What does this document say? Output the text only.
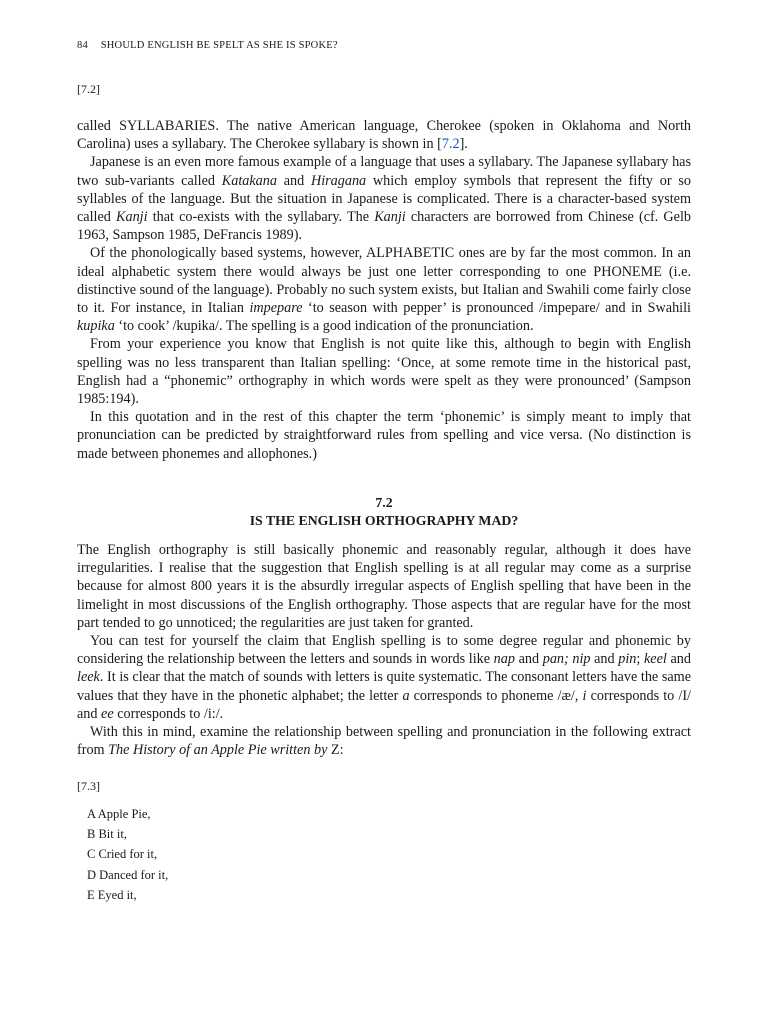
84 SHOULD ENGLISH BE SPELT AS SHE IS SPOKE?
[7.2]

called SYLLABARIES. The native American language, Cherokee (spoken in Oklahoma and North Carolina) uses a syllabary. The Cherokee syllabary is shown in [7.2].

Japanese is an even more famous example of a language that uses a syllabary. The Japanese syllabary has two sub-variants called Katakana and Hiragana which employ symbols that represent the fifty or so syllables of the language. But the situation in Japanese is complicated. There is a character-based system called Kanji that co-exists with the syllabary. The Kanji characters are borrowed from Chinese (cf. Gelb 1963, Sampson 1985, DeFrancis 1989).

Of the phonologically based systems, however, ALPHABETIC ones are by far the most common. In an ideal alphabetic system there would always be just one letter corresponding to one PHONEME (i.e. distinctive sound of the language). Probably no such system exists, but Italian and Swahili come fairly close to it. For instance, in Italian impepare ‘to season with pepper’ is pronounced /impepare/ and in Swahili kupika ‘to cook’ /kupika/. The spelling is a good indication of the pronunciation.

From your experience you know that English is not quite like this, although to begin with English spelling was no less transparent than Italian spelling: ‘Once, at some remote time in the historical past, English had a “phonemic” orthography in which words were spelt as they were pronounced’ (Sampson 1985:194).

In this quotation and in the rest of this chapter the term ‘phonemic’ is simply meant to imply that pronunciation can be predicted by straightforward rules from spelling and vice versa. (No distinction is made between phonemes and allophones.)

7.2
IS THE ENGLISH ORTHOGRAPHY MAD?

The English orthography is still basically phonemic and reasonably regular, although it does have irregularities. I realise that the suggestion that English spelling is at all regular may come as a surprise because for almost 800 years it is the absurdly irregular aspects of English spelling that have been in the limelight in most discussions of the English orthography. Those aspects that are regular have for the most part tended to go unnoticed; the regularities are just taken for granted.

You can test for yourself the claim that English spelling is to some degree regular and phonemic by considering the relationship between the letters and sounds in words like nap and pan; nip and pin; keel and leek. It is clear that the match of sounds with letters is quite systematic. The consonant letters have the same values that they have in the phonetic alphabet; the letter a corresponds to phoneme /æ/, i corresponds to /I/ and ee corresponds to /i:/.

With this in mind, examine the relationship between spelling and pronunciation in the following extract from The History of an Apple Pie written by Z:

[7.3]
A Apple Pie,
B Bit it,
C Cried for it,
D Danced for it,
E Eyed it,
